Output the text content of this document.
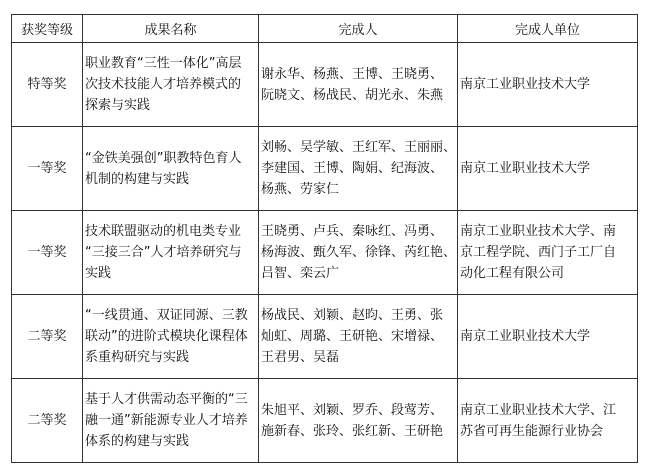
获奖等级	成果名称	完成人	完成人单位
特等奖	职业教育“三性一体化”高层
次技术技能人才培养模式的
探索与实践	谢永华、杨燕、王博、王晓勇、
阮晓文、杨战民、胡光永、朱燕	南京工业职业技术大学

一等奖	“金铁美强创”职教特色育人
机制的构建与实践	刘畅、吴学敏、王红军、王丽丽、
李建国、王博、陶娟、纪海波、
杨燕、劳家仁	南京工业职业技术大学

一等奖	技术联盟驱动的机电类专业
“三接三合”人才培养研究与
实践	王晓勇、卢兵、秦咏红、冯勇、
杨海波、甄久军、徐锋、芮红艳、
吕智、栾云广	南京工业职业技术大学、南
京工程学院、西门子工厂自
动化工程有限公司

二等奖	“一线贯通、双证同源、三教
联动”的进阶式模块化课程体
系重构研究与实践	杨战民、刘颖、赵昀、王勇、张
灿虹、周璐、王研艳、宋增禄、
王君男、吴磊	南京工业职业技术大学

二等奖	基于人才供需动态平衡的“三
融一通”新能源专业人才培养
体系的构建与实践	朱旭平、刘颖、罗乔、段莺芳、
施新春、张玲、张红新、王研艳	南京工业职业技术大学、江
苏省可再生能源行业协会
